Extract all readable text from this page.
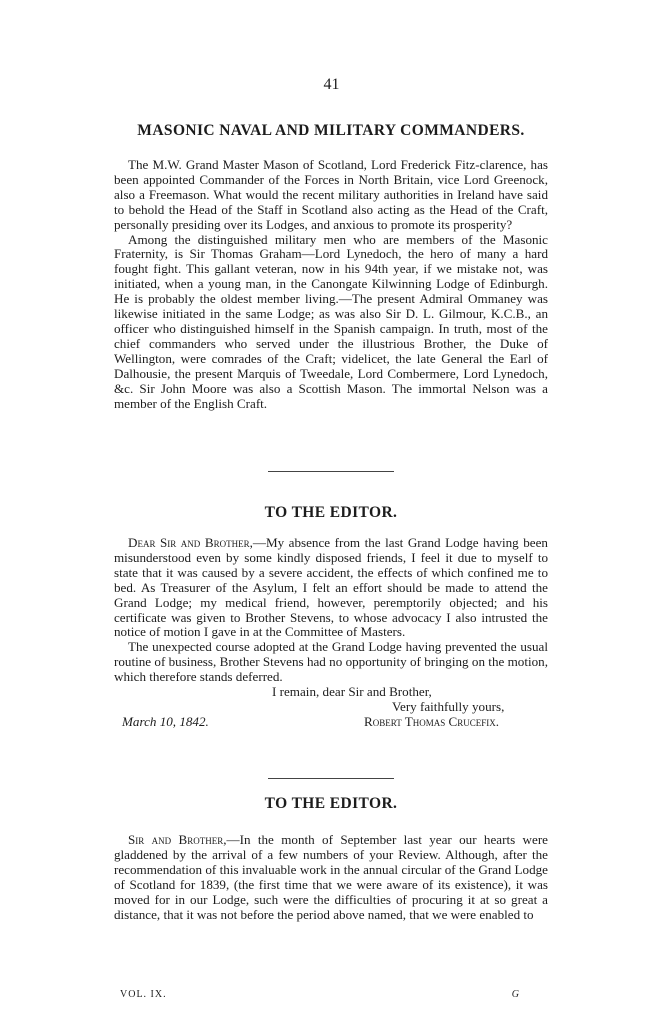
41
MASONIC NAVAL AND MILITARY COMMANDERS.

The M.W. Grand Master Mason of Scotland, Lord Frederick Fitz-clarence, has been appointed Commander of the Forces in North Britain, vice Lord Greenock, also a Freemason. What would the recent military authorities in Ireland have said to behold the Head of the Staff in Scotland also acting as the Head of the Craft, personally presiding over its Lodges, and anxious to promote its prosperity?

Among the distinguished military men who are members of the Masonic Fraternity, is Sir Thomas Graham—Lord Lynedoch, the hero of many a hard fought fight. This gallant veteran, now in his 94th year, if we mistake not, was initiated, when a young man, in the Canongate Kilwinning Lodge of Edinburgh. He is probably the oldest member living.—The present Admiral Ommaney was likewise initiated in the same Lodge; as was also Sir D. L. Gilmour, K.C.B., an officer who distinguished himself in the Spanish campaign. In truth, most of the chief commanders who served under the illustrious Brother, the Duke of Wellington, were comrades of the Craft; videlicet, the late General the Earl of Dalhousie, the present Marquis of Tweedale, Lord Combermere, Lord Lynedoch, &c. Sir John Moore was also a Scottish Mason. The immortal Nelson was a member of the English Craft.

TO THE EDITOR.

Dear Sir and Brother,—My absence from the last Grand Lodge having been misunderstood even by some kindly disposed friends, I feel it due to myself to state that it was caused by a severe accident, the effects of which confined me to bed. As Treasurer of the Asylum, I felt an effort should be made to attend the Grand Lodge; my medical friend, however, peremptorily objected; and his certificate was given to Brother Stevens, to whose advocacy I also intrusted the notice of motion I gave in at the Committee of Masters.

The unexpected course adopted at the Grand Lodge having prevented the usual routine of business, Brother Stevens had no opportunity of bringing on the motion, which therefore stands deferred.

I remain, dear Sir and Brother,
Very faithfully yours,
March 10, 1842.	Robert Thomas Crucefix.
TO THE EDITOR.

Sir and Brother,—In the month of September last year our hearts were gladdened by the arrival of a few numbers of your Review. Although, after the recommendation of this invaluable work in the annual circular of the Grand Lodge of Scotland for 1839, (the first time that we were aware of its existence), it was moved for in our Lodge, such were the difficulties of procuring it at so great a distance, that it was not before the period above named, that we were enabled to

VOL. IX.	G
